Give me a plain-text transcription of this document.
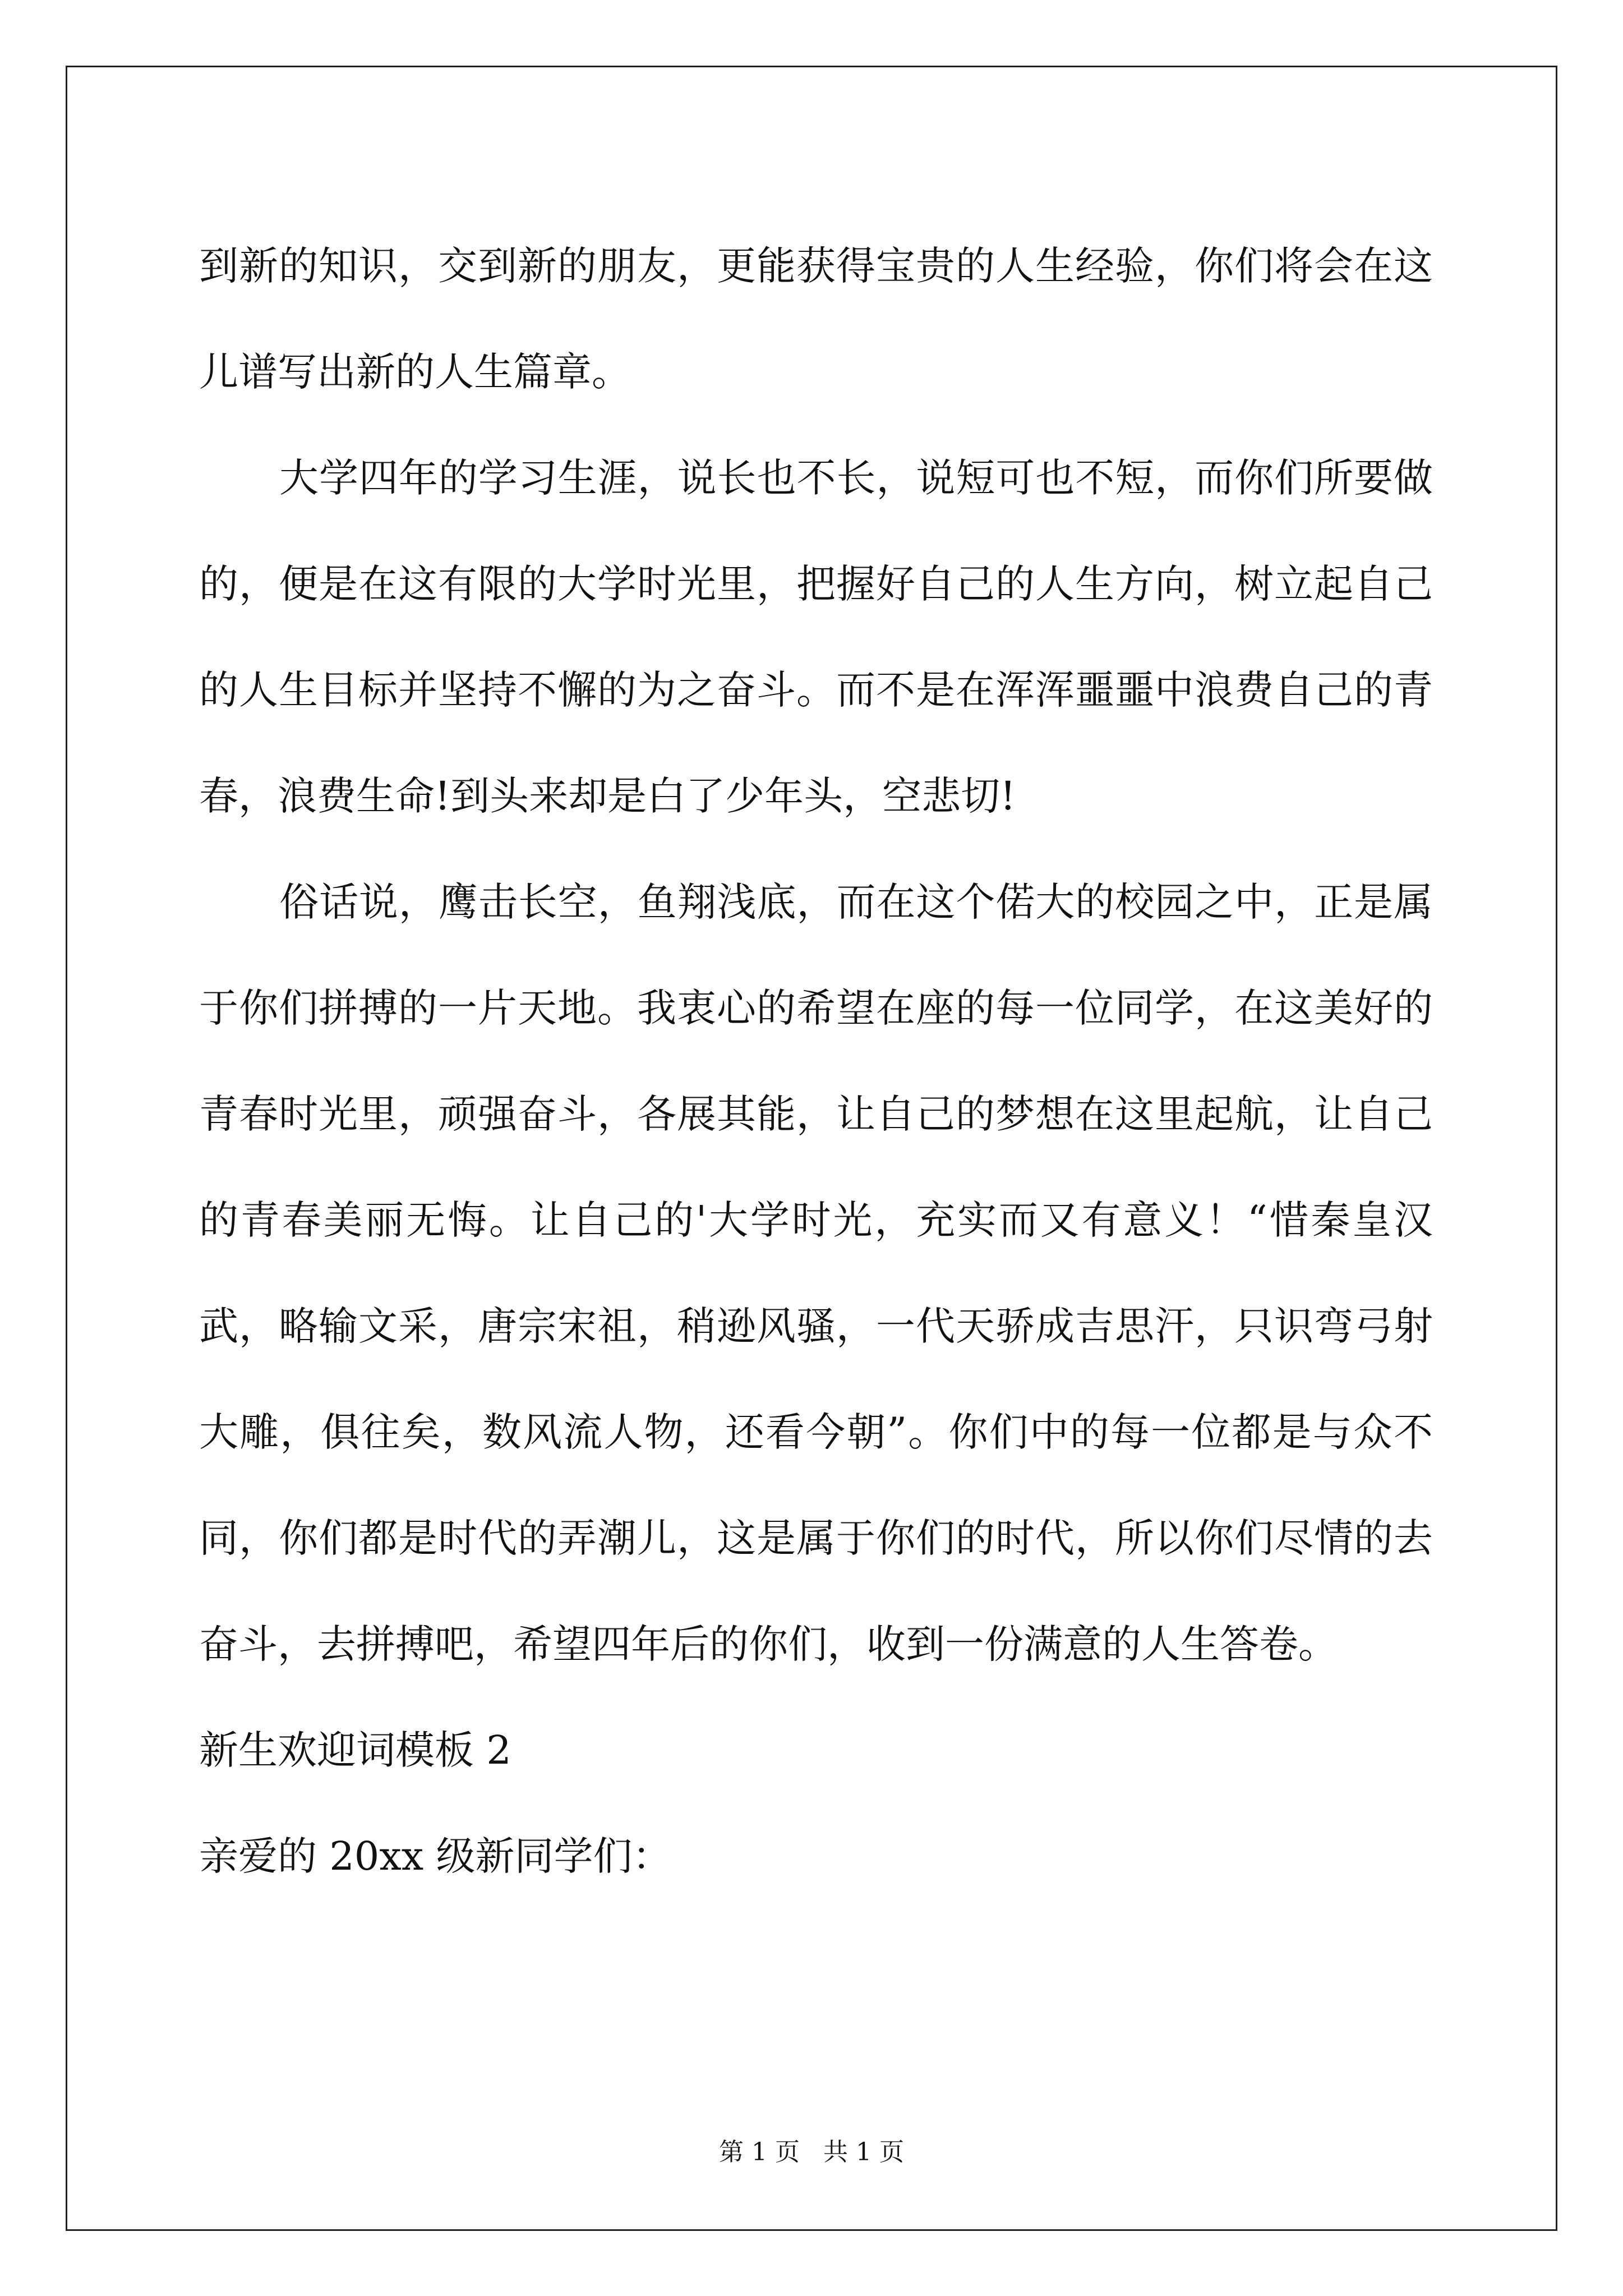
到新的知识，交到新的朋友，更能获得宝贵的人生经验，你们将会在这儿谱写出新的人生篇章。

大学四年的学习生涯，说长也不长，说短可也不短，而你们所要做的，便是在这有限的大学时光里，把握好自己的人生方向，树立起自己的人生目标并坚持不懈的为之奋斗。而不是在浑浑噩噩中浪费自己的青春，浪费生命!到头来却是白了少年头，空悲切!

俗话说，鹰击长空，鱼翔浅底，而在这个偌大的校园之中，正是属于你们拼搏的一片天地。我衷心的希望在座的每一位同学，在这美好的青春时光里，顽强奋斗，各展其能，让自己的梦想在这里起航，让自己的青春美丽无悔。让自己的'大学时光，充实而又有意义！“惜秦皇汉武，略输文采，唐宗宋祖，稍逊风骚，一代天骄成吉思汗，只识弯弓射大雕，俱往矣，数风流人物，还看今朝”。你们中的每一位都是与众不同，你们都是时代的弄潮儿，这是属于你们的时代，所以你们尽情的去奋斗，去拼搏吧，希望四年后的你们，收到一份满意的人生答卷。

新生欢迎词模板 2

亲爱的 20xx 级新同学们：

第 1 页   共 1 页
